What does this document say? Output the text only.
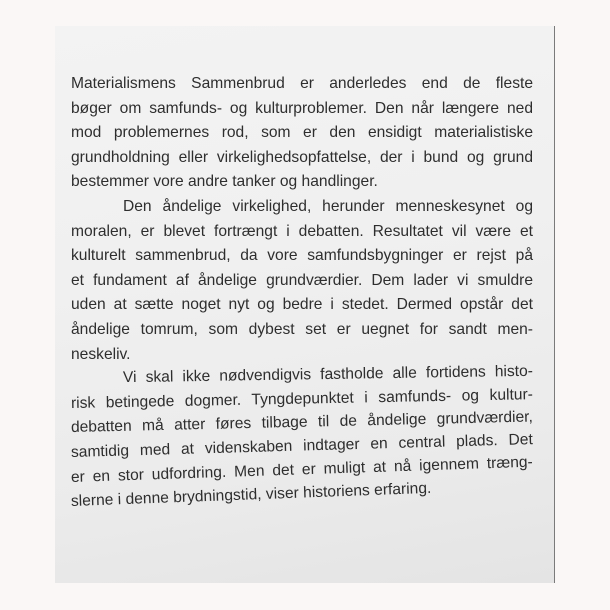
Materialismens Sammenbrud er anderledes end de fleste
bøger om samfunds- og kulturproblemer. Den når længere ned
mod problemernes rod, som er den ensidigt materialistiske
grundholdning eller virkelighedsopfattelse, der i bund og grund
bestemmer vore andre tanker og handlinger.

Den åndelige virkelighed, herunder menneskesynet og
moralen, er blevet fortrængt i debatten. Resultatet vil være et
kulturelt sammenbrud, da vore samfundsbygninger er rejst på
et fundament af åndelige grundværdier. Dem lader vi smuldre
uden at sætte noget nyt og bedre i stedet. Dermed opstår det
åndelige tomrum, som dybest set er uegnet for sandt men-
neskeliv.

Vi skal ikke nødvendigvis fastholde alle fortidens histo-
risk betingede dogmer. Tyngdepunktet i samfunds- og kultur-
debatten må atter føres tilbage til de åndelige grundværdier,
samtidig med at videnskaben indtager en central plads. Det
er en stor udfordring. Men det er muligt at nå igennem træng-
slerne i denne brydningstid, viser historiens erfaring.
